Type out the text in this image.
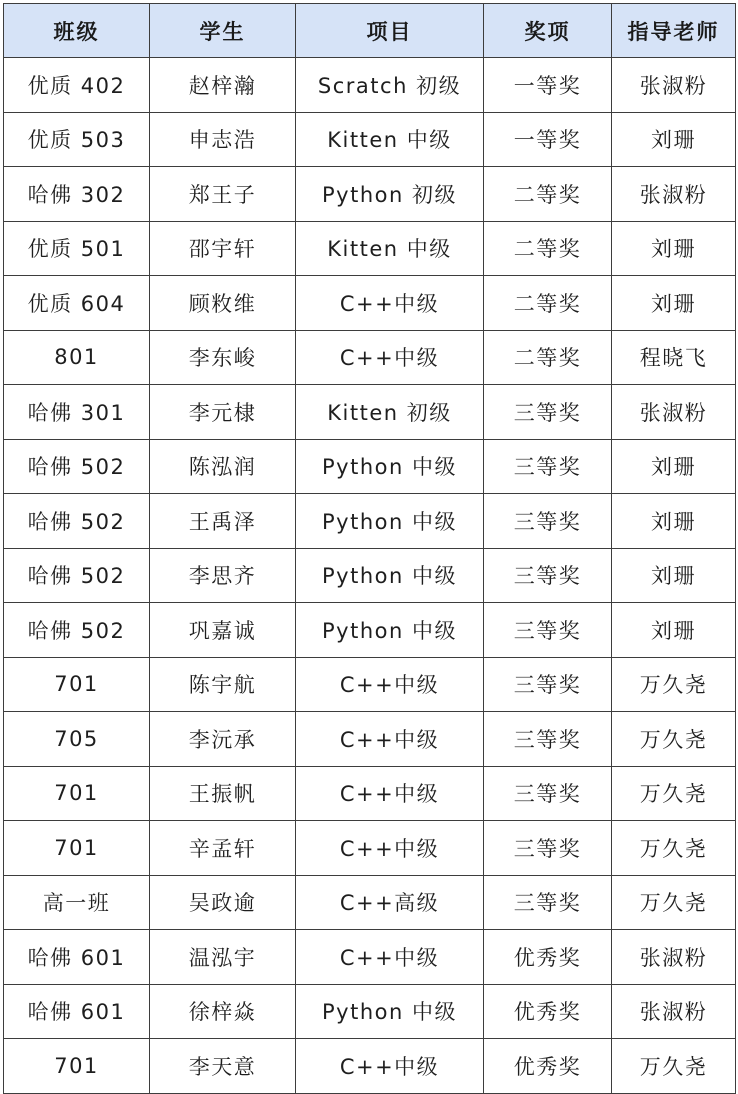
班级	学生	项目	奖项	指导老师
优质 402	赵梓瀚	Scratch 初级	一等奖	张淑粉
优质 503	申志浩	Kitten 中级	一等奖	刘珊
哈佛 302	郑王子	Python 初级	二等奖	张淑粉
优质 501	邵宇轩	Kitten 中级	二等奖	刘珊
优质 604	顾敉维	C++中级	二等奖	刘珊
801	李东峻	C++中级	二等奖	程晓飞
哈佛 301	李元棣	Kitten 初级	三等奖	张淑粉
哈佛 502	陈泓润	Python 中级	三等奖	刘珊
哈佛 502	王禹泽	Python 中级	三等奖	刘珊
哈佛 502	李思齐	Python 中级	三等奖	刘珊
哈佛 502	巩嘉诚	Python 中级	三等奖	刘珊
701	陈宇航	C++中级	三等奖	万久尧
705	李沅承	C++中级	三等奖	万久尧
701	王振帆	C++中级	三等奖	万久尧
701	辛孟轩	C++中级	三等奖	万久尧
高一班	吴政逾	C++高级	三等奖	万久尧
哈佛 601	温泓宇	C++中级	优秀奖	张淑粉
哈佛 601	徐梓焱	Python 中级	优秀奖	张淑粉
701	李天意	C++中级	优秀奖	万久尧
